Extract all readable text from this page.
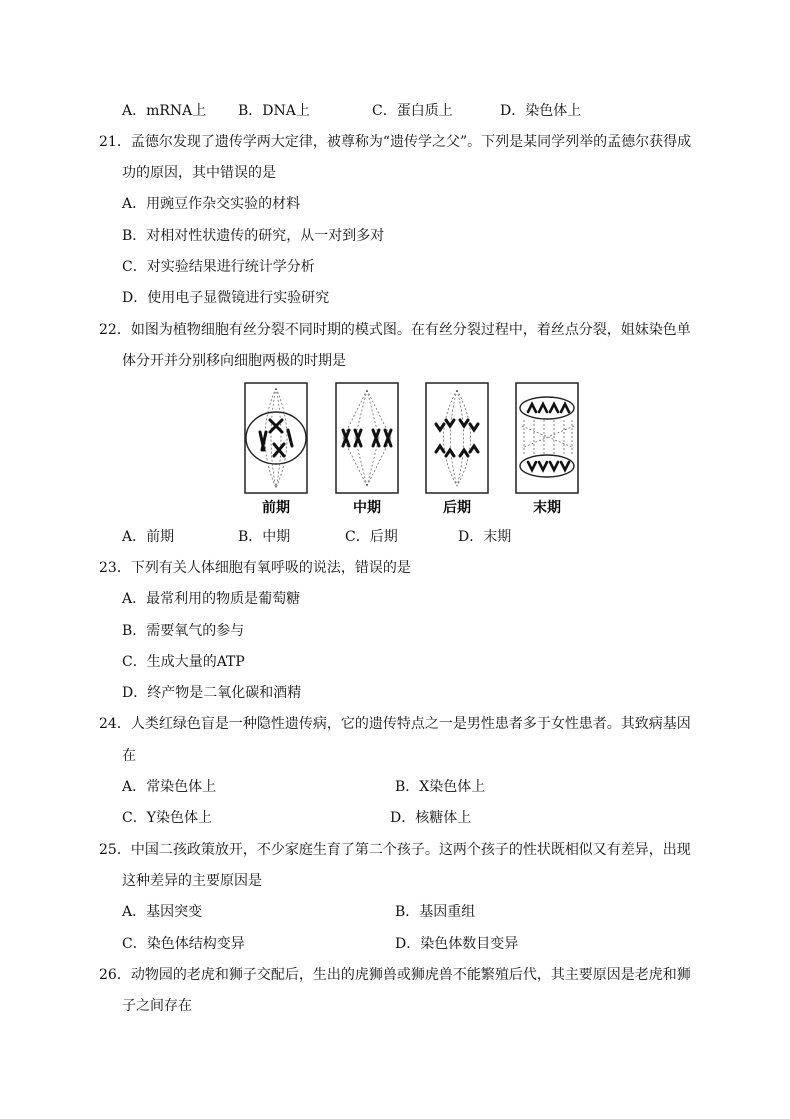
A．mRNA上 B．DNA上	C．蛋白质上	D．染色体上
21．孟德尔发现了遗传学两大定律，被尊称为“遗传学之父”。下列是某同学列举的孟德尔获得成
功的原因，其中错误的是
A．用豌豆作杂交实验的材料
B．对相对性状遗传的研究，从一对到多对
C．对实验结果进行统计学分析
D．使用电子显微镜进行实验研究
22．如图为植物细胞有丝分裂不同时期的模式图。在有丝分裂过程中，着丝点分裂，姐妹染色单
体分开并分别移向细胞两极的时期是
前期	中期	后期	末期
A．前期	B．中期	C．后期	D．末期
23．下列有关人体细胞有氧呼吸的说法，错误的是
A．最常利用的物质是葡萄糖
B．需要氧气的参与
C．生成大量的ATP
D．终产物是二氧化碳和酒精
24．人类红绿色盲是一种隐性遗传病，它的遗传特点之一是男性患者多于女性患者。其致病基因
在
A．常染色体上	B．X染色体上
C．Y染色体上	D．核糖体上
25．中国二孩政策放开，不少家庭生育了第二个孩子。这两个孩子的性状既相似又有差异，出现
这种差异的主要原因是
A．基因突变	B．基因重组
C．染色体结构变异	D．染色体数目变异
26．动物园的老虎和狮子交配后，生出的虎狮兽或狮虎兽不能繁殖后代，其主要原因是老虎和狮
子之间存在
